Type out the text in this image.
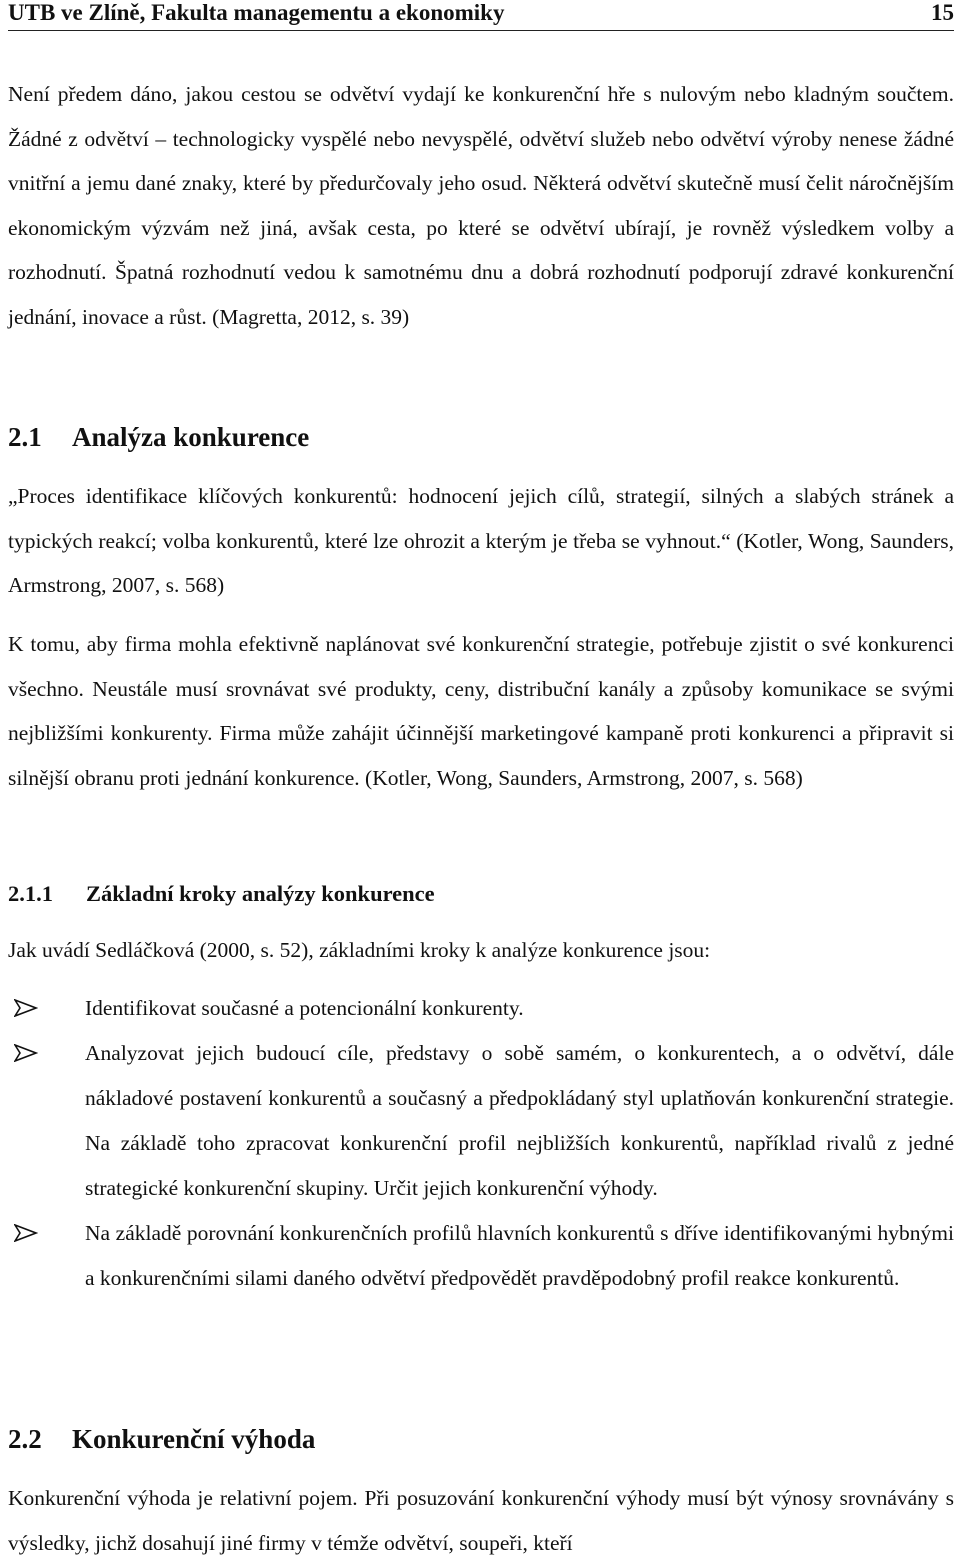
UTB ve Zlíně, Fakulta managementu a ekonomiky	15

Není předem dáno, jakou cestou se odvětví vydají ke konkurenční hře s nulovým nebo kladným součtem. Žádné z odvětví – technologicky vyspělé nebo nevyspělé, odvětví služeb nebo odvětví výroby nenese žádné vnitřní a jemu dané znaky, které by předurčovaly jeho osud. Některá odvětví skutečně musí čelit náročnějším ekonomickým výzvám než jiná, avšak cesta, po které se odvětví ubírají, je rovněž výsledkem volby a rozhodnutí. Špatná rozhodnutí vedou k samotnému dnu a dobrá rozhodnutí podporují zdravé konkurenční jednání, inovace a růst. (Magretta, 2012, s. 39)

2.1 Analýza konkurence

„Proces identifikace klíčových konkurentů: hodnocení jejich cílů, strategií, silných a slabých stránek a typických reakcí; volba konkurentů, které lze ohrozit a kterým je třeba se vyhnout.“ (Kotler, Wong, Saunders, Armstrong, 2007, s. 568)

K tomu, aby firma mohla efektivně naplánovat své konkurenční strategie, potřebuje zjistit o své konkurenci všechno. Neustále musí srovnávat své produkty, ceny, distribuční kanály a způsoby komunikace se svými nejbližšími konkurenty. Firma může zahájit účinnější marketingové kampaně proti konkurenci a připravit si silnější obranu proti jednání konkurence. (Kotler, Wong, Saunders, Armstrong, 2007, s. 568)

2.1.1 Základní kroky analýzy konkurence

Jak uvádí Sedláčková (2000, s. 52), základními kroky k analýze konkurence jsou:

Identifikovat současné a potencionální konkurenty.
Analyzovat jejich budoucí cíle, představy o sobě samém, o konkurentech, a o odvětví, dále nákladové postavení konkurentů a současný a předpokládaný styl uplatňován konkurenční strategie. Na základě toho zpracovat konkurenční profil nejbližších konkurentů, například rivalů z jedné strategické konkurenční skupiny. Určit jejich konkurenční výhody.
Na základě porovnání konkurenčních profilů hlavních konkurentů s dříve identifikovanými hybnými a konkurenčními silami daného odvětví předpovědět pravděpodobný profil reakce konkurentů.
2.2 Konkurenční výhoda

Konkurenční výhoda je relativní pojem. Při posuzování konkurenční výhody musí být výnosy srovnávány s výsledky, jichž dosahují jiné firmy v témže odvětví, soupeři, kteří
